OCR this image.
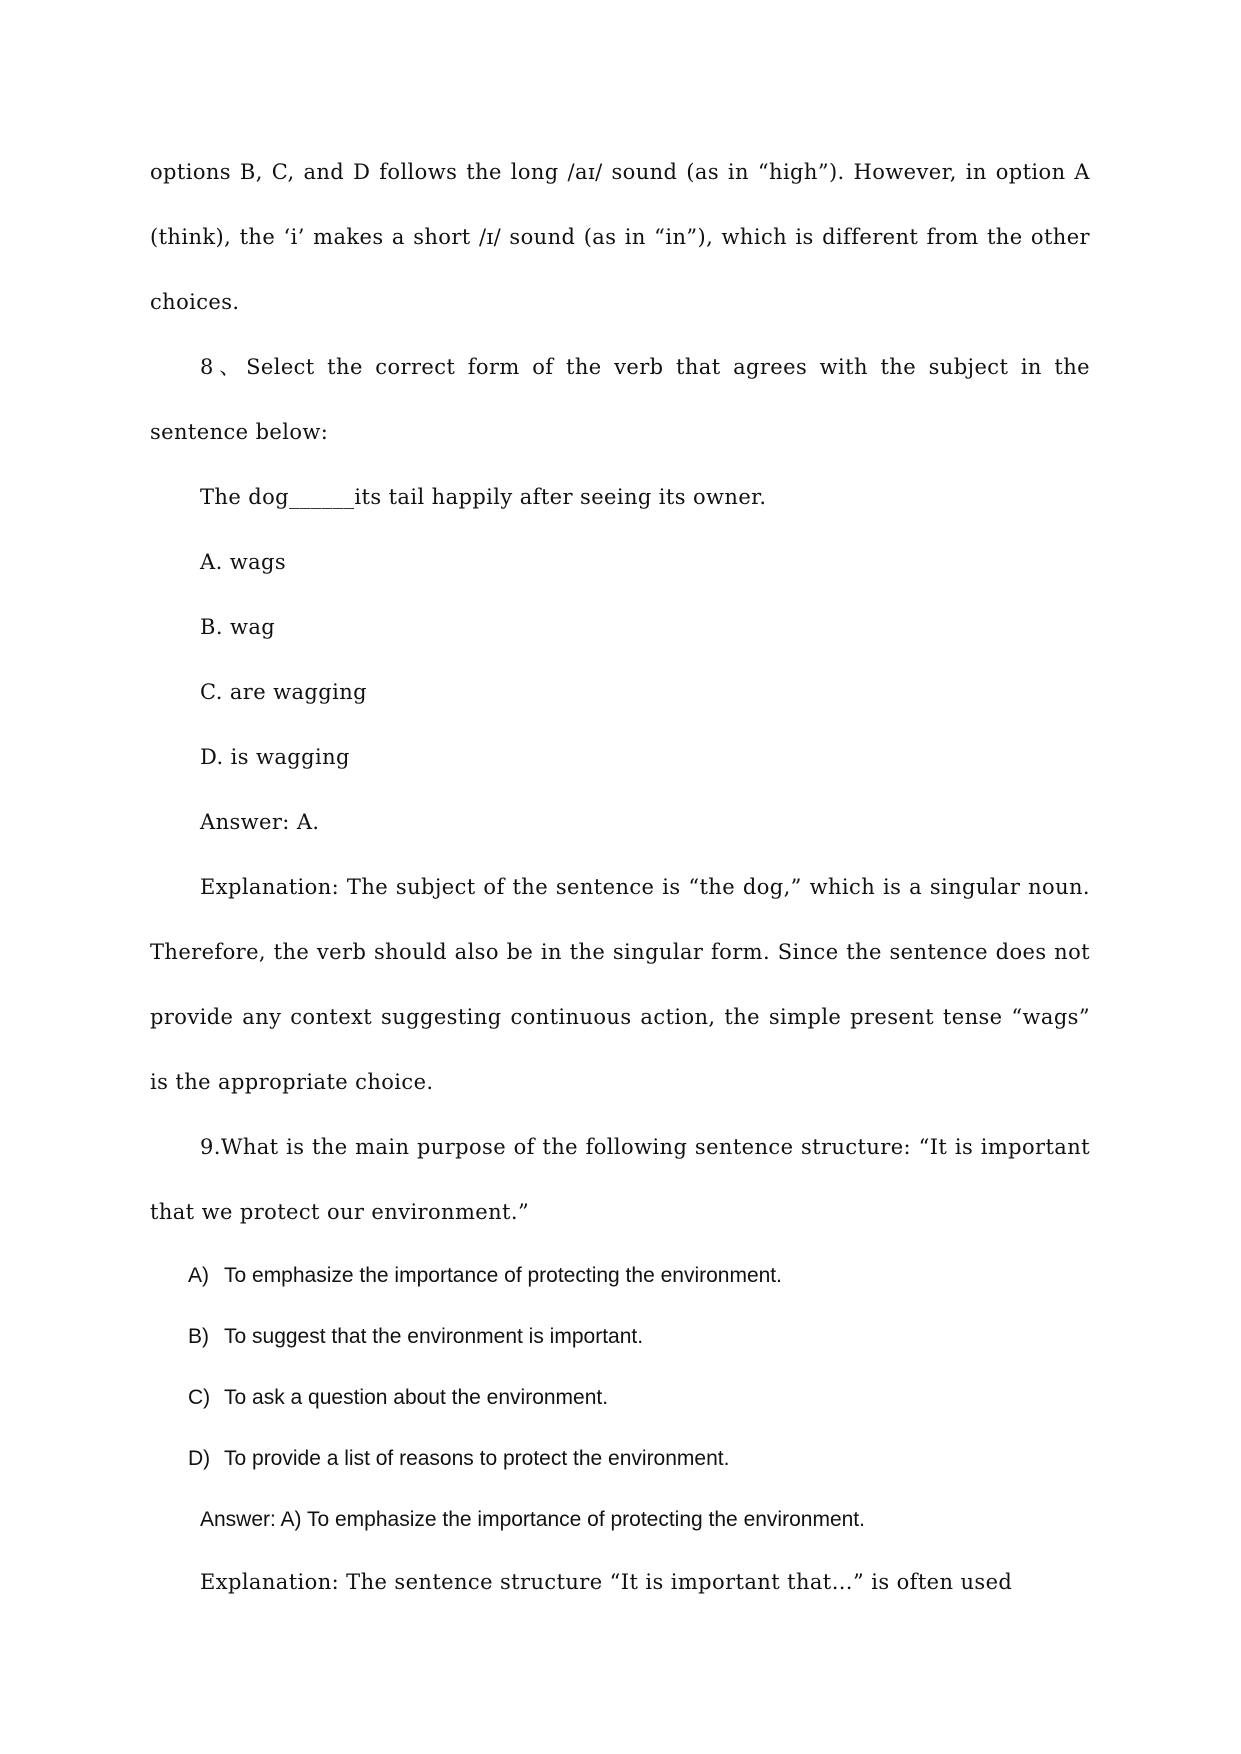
options B, C, and D follows the long /aɪ/ sound (as in “high”). However, in option A (think), the ‘i’ makes a short /ɪ/ sound (as in “in”), which is different from the other choices.

8、Select the correct form of the verb that agrees with the subject in the sentence below:

The dog______its tail happily after seeing its owner.

A. wags

B. wag

C. are wagging

D. is wagging

Answer: A.

Explanation: The subject of the sentence is “the dog,” which is a singular noun. Therefore, the verb should also be in the singular form. Since the sentence does not provide any context suggesting continuous action, the simple present tense “wags” is the appropriate choice.

9.What is the main purpose of the following sentence structure: “It is important that we protect our environment.”

A) To emphasize the importance of protecting the environment.

B) To suggest that the environment is important.

C) To ask a question about the environment.

D) To provide a list of reasons to protect the environment.

Answer: A) To emphasize the importance of protecting the environment.

Explanation: The sentence structure “It is important that…” is often used
